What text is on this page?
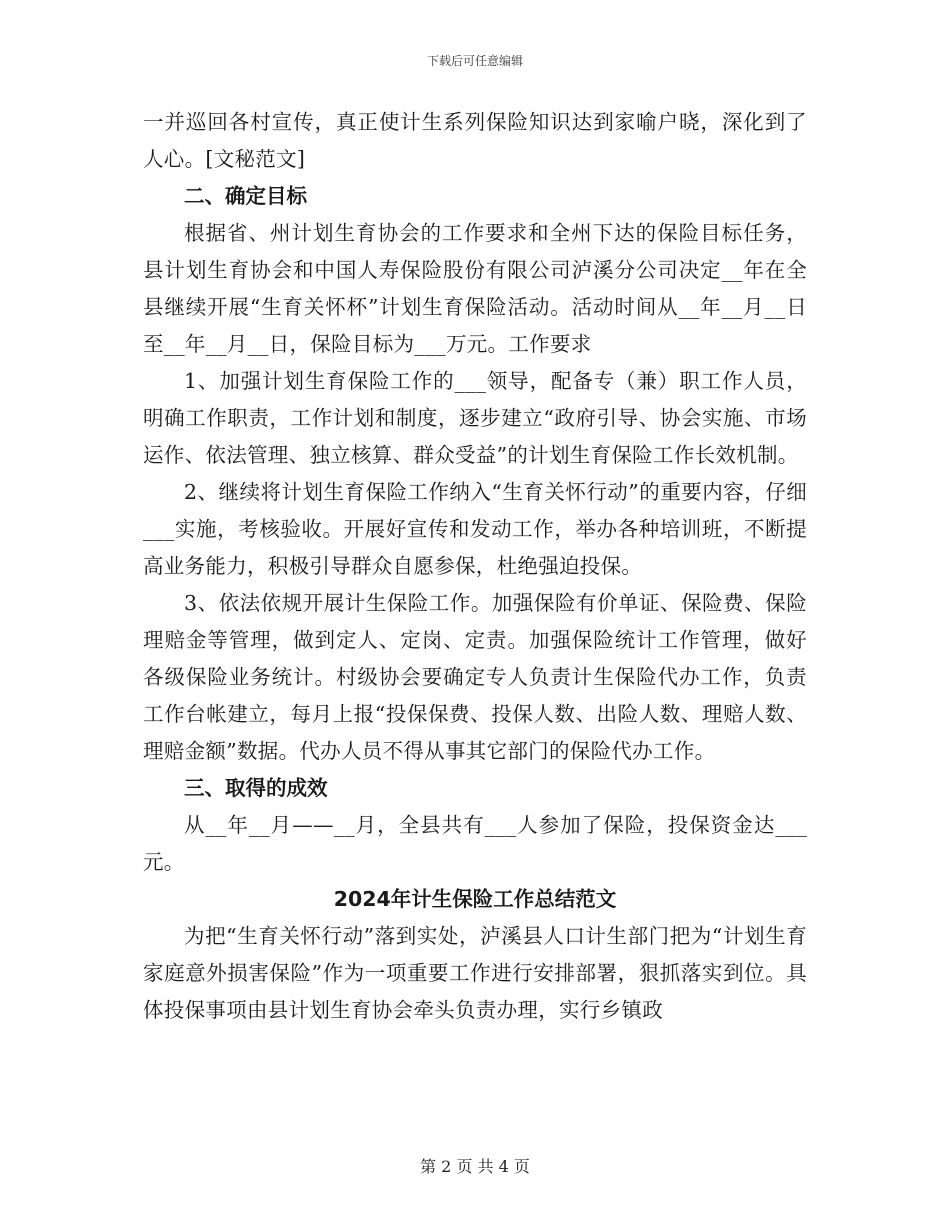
下载后可任意编辑

一并巡回各村宣传，真正使计生系列保险知识达到家喻户晓，深化到了人心。[文秘范文]

二、确定目标

根据省、州计划生育协会的工作要求和全州下达的保险目标任务，县计划生育协会和中国人寿保险股份有限公司泸溪分公司决定__年在全县继续开展“生育关怀杯”计划生育保险活动。活动时间从__年__月__日至__年__月__日，保险目标为___万元。工作要求

1、加强计划生育保险工作的___领导，配备专（兼）职工作人员，明确工作职责，工作计划和制度，逐步建立“政府引导、协会实施、市场运作、依法管理、独立核算、群众受益”的计划生育保险工作长效机制。

2、继续将计划生育保险工作纳入“生育关怀行动”的重要内容，仔细___实施，考核验收。开展好宣传和发动工作，举办各种培训班，不断提高业务能力，积极引导群众自愿参保，杜绝强迫投保。

3、依法依规开展计生保险工作。加强保险有价单证、保险费、保险理赔金等管理，做到定人、定岗、定责。加强保险统计工作管理，做好各级保险业务统计。村级协会要确定专人负责计生保险代办工作，负责工作台帐建立，每月上报“投保保费、投保人数、出险人数、理赔人数、理赔金额”数据。代办人员不得从事其它部门的保险代办工作。

三、取得的成效

从__年__月——__月，全县共有___人参加了保险，投保资金达___元。

2024年计生保险工作总结范文

为把“生育关怀行动”落到实处，泸溪县人口计生部门把为“计划生育家庭意外损害保险”作为一项重要工作进行安排部署，狠抓落实到位。具体投保事项由县计划生育协会牵头负责办理，实行乡镇政

第 2 页 共 4 页
